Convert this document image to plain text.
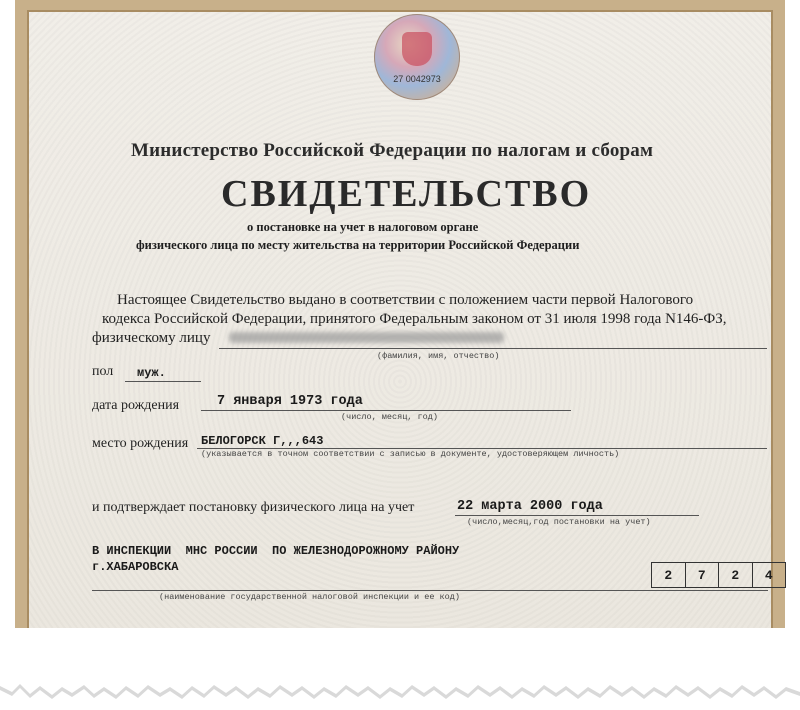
27 0042973
Министерство Российской Федерации по налогам и сборам
СВИДЕТЕЛЬСТВО
о постановке на учет в налоговом органе
физического лица по месту жительства на территории Российской Федерации
Настоящее Свидетельство выдано в соответствии с положением части первой Налогового
кодекса Российской Федерации, принятого Федеральным законом от 31 июля 1998 года N146-ФЗ,
физическому лицу
(фамилия, имя, отчество)
пол муж.
дата рождения	7 января 1973 года
(число, месяц, год)
место рождения БЕЛОГОРСК Г,,,643
(указывается в точном соответствии с записью в документе, удостоверяющем личность)
и подтверждает постановку физического лица на учет	22 марта 2000 года
(число,месяц,год постановки на учет)
В ИНСПЕКЦИИ  МНС РОССИИ  ПО ЖЕЛЕЗНОДОРОЖНОМУ РАЙОНУ
г.ХАБАРОВСКА
2	7	2	4
(наименование государственной налоговой инспекции и ее код)
